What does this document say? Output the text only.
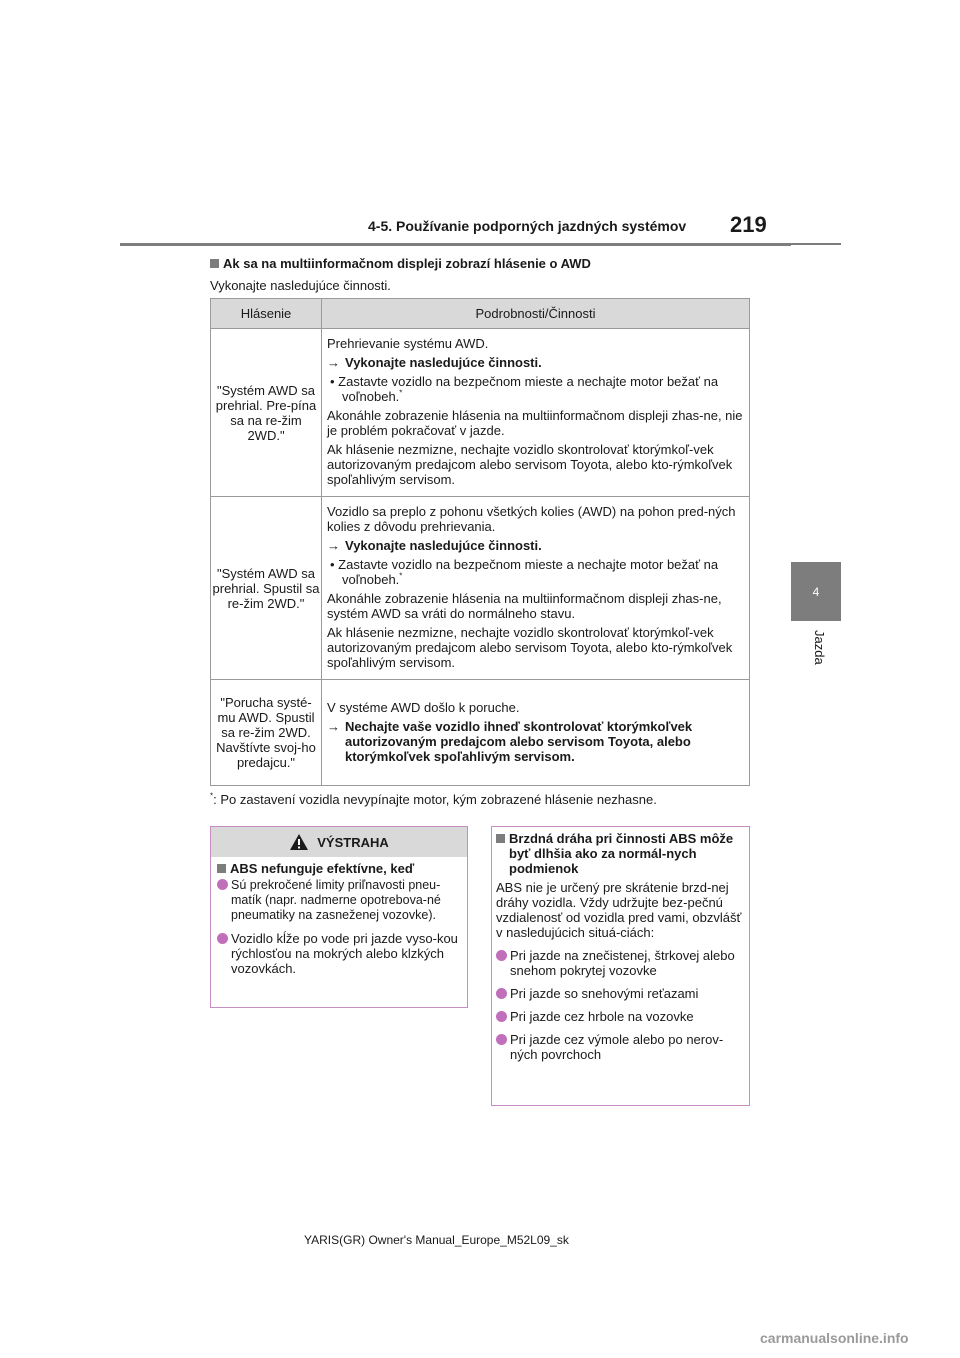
4-5. Používanie podporných jazdných systémov 219
4
Jazda
Ak sa na multiinformačnom displeji zobrazí hlásenie o AWD
Vykonajte nasledujúce činnosti.
Hlásenie	Podrobnosti/Činnosti
"Systém AWD sa prehrial. Pre-pína sa na re-žim 2WD."	Prehrievanie systému AWD.

→ Vykonajte nasledujúce činnosti.

• Zastavte vozidlo na bezpečnom mieste a nechajte motor bežať na voľnobeh.*

Akonáhle zobrazenie hlásenia na multiinformačnom displeji zhas-ne, nie je problém pokračovať v jazde.

Ak hlásenie nezmizne, nechajte vozidlo skontrolovať ktorýmkoľ-vek autorizovaným predajcom alebo servisom Toyota, alebo kto-rýmkoľvek spoľahlivým servisom.

"Systém AWD sa prehrial. Spustil sa re-žim 2WD."	Vozidlo sa preplo z pohonu všetkých kolies (AWD) na pohon pred-ných kolies z dôvodu prehrievania.

→ Vykonajte nasledujúce činnosti.

• Zastavte vozidlo na bezpečnom mieste a nechajte motor bežať na voľnobeh.*

Akonáhle zobrazenie hlásenia na multiinformačnom displeji zhas-ne, systém AWD sa vráti do normálneho stavu.

Ak hlásenie nezmizne, nechajte vozidlo skontrolovať ktorýmkoľ-vek autorizovaným predajcom alebo servisom Toyota, alebo kto-rýmkoľvek spoľahlivým servisom.

"Porucha systé-mu AWD. Spustil sa re-žim 2WD. Navštívte svoj-ho predajcu."	V systéme AWD došlo k poruche.

→ Nechajte vaše vozidlo ihneď skontrolovať ktorýmkoľvek autorizovaným predajcom alebo servisom Toyota, alebo ktorýmkoľvek spoľahlivým servisom.

*: Po zastavení vozidla nevypínajte motor, kým zobrazené hlásenie nezhasne.
VÝSTRAHA

ABS nefunguje efektívne, keď

Sú prekročené limity priľnavosti pneu-matík (napr. nadmerne opotrebova-né pneumatiky na zasneženej vozovke).

Vozidlo kĺže po vode pri jazde vyso-kou rýchlosťou na mokrých alebo klzkých vozovkách.

Brzdná dráha pri činnosti ABS môže byť dlhšia ako za normál-nych podmienok

ABS nie je určený pre skrátenie brzd-nej dráhy vozidla. Vždy udržujte bez-pečnú vzdialenosť od vozidla pred vami, obzvlášť v nasledujúcich situá-ciách:

Pri jazde na znečistenej, štrkovej alebo snehom pokrytej vozovke

Pri jazde so snehovými reťazami

Pri jazde cez hrbole na vozovke

Pri jazde cez výmole alebo po nerov-ných povrchoch

YARIS(GR) Owner's Manual_Europe_M52L09_sk
carmanualsonline.info
